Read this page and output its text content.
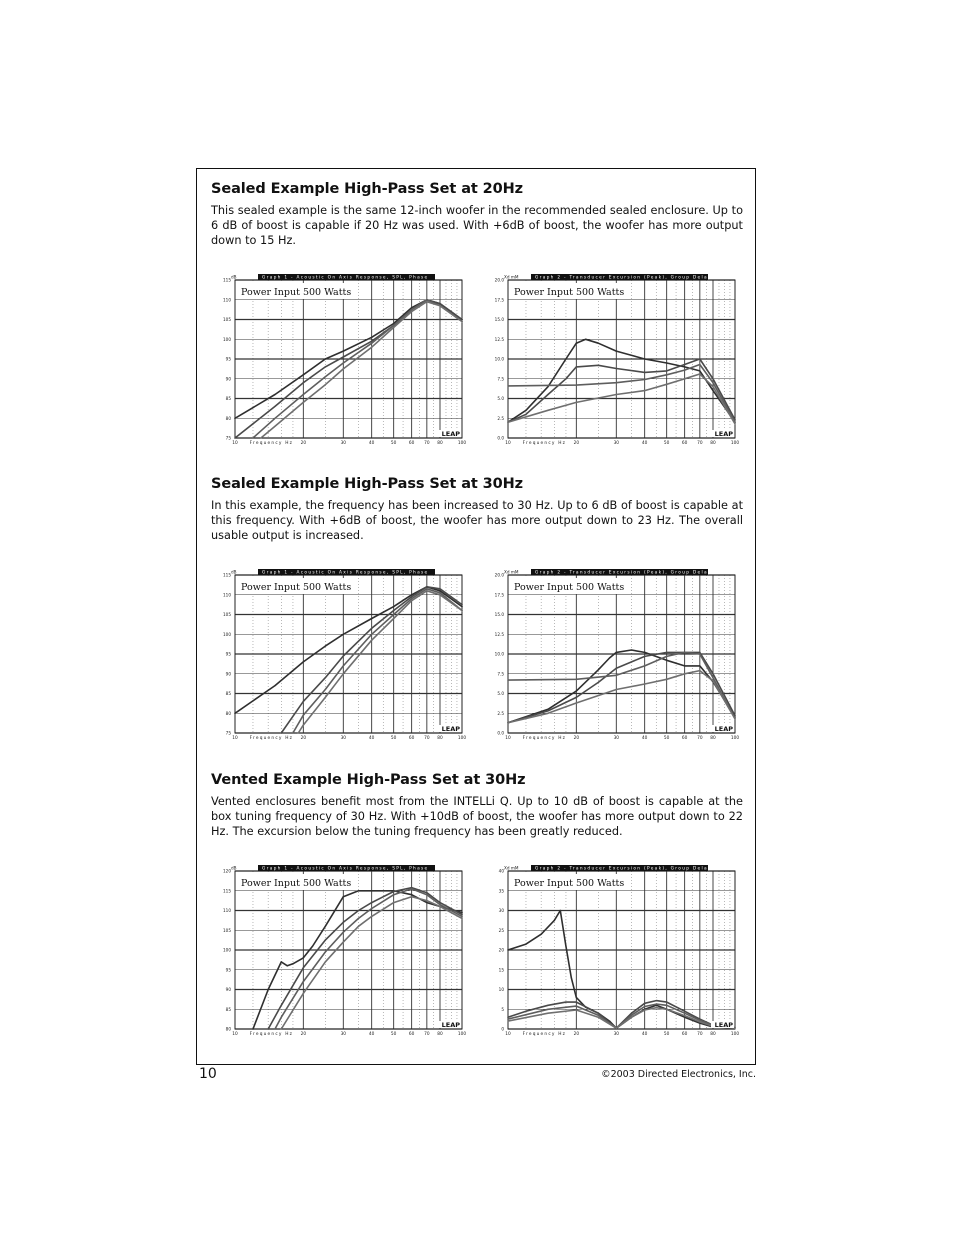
Sealed Example High-Pass Set at 20Hz

This sealed example is the same 12-inch woofer in the recommended sealed enclosure. Up to 6 dB of boost is capable if 20 Hz was used. With +6dB of boost, the woofer has more output down to 15 Hz.

75
80
85
90
95
100
105
110
115	Graph 1 - Acoustic On Axis Response, SPL, Phase
dB
10	20	30	40	50	60 70 80	100
Frequency Hz
Power Input 500 Watts
LEAP	0.0
2.5
5.0
7.5
10.0
12.5
15.0
17.5
20.0	Graph 2 - Transducer Excursion (Peak), Group Delay
Xd mM
10	20	30	40	50	60 70 80	100
Frequency Hz
Power Input 500 Watts
LEAP
Sealed Example High-Pass Set at 30Hz

In this example, the frequency has been increased to 30 Hz. Up to 6 dB of boost is capable at this frequency. With +6dB of boost, the woofer has more output down to 23 Hz. The overall usable output is increased.

75
80
85
90
95
100
105
110
115	Graph 1 - Acoustic On Axis Response, SPL, Phase
dB
10	20	30	40	50	60 70 80	100
Frequency Hz
Power Input 500 Watts
LEAP	0.0
2.5
5.0
7.5
10.0
12.5
15.0
17.5
20.0	Graph 2 - Transducer Excursion (Peak), Group Delay
Xd mM
10	20	30	40	50	60 70 80	100
Frequency Hz
Power Input 500 Watts
LEAP
Vented Example High-Pass Set at 30Hz

Vented enclosures benefit most from the INTELLi Q. Up to 10 dB of boost is capable at the box tuning frequency of 30 Hz. With +10dB of boost, the woofer has more output down to 22 Hz. The excursion below the tuning frequency has been greatly reduced.

80
85
90
95
100
105
110
115
120	Graph 1 - Acoustic On Axis Response, SPL, Phase
dB
10	20	30	40	50	60 70 80	100
Frequency Hz
Power Input 500 Watts
LEAP	0
5
10
15
20
25
30
35
40	Graph 2 - Transducer Excursion (Peak), Group Delay
Xd mM
10	20	30	40	50	60 70 80	100
Frequency Hz
Power Input 500 Watts
LEAP
10	©2003 Directed Electronics, Inc.
